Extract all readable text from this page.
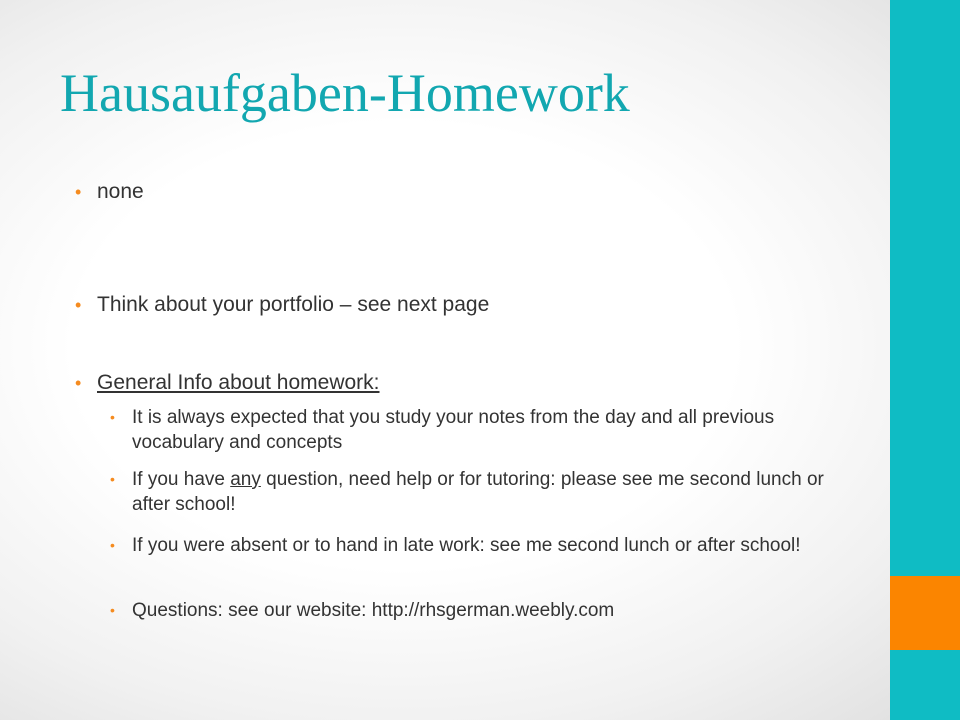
Hausaufgaben-Homework
• none
• Think about your portfolio – see next page
• General Info about homework:
• It is always expected that you study your notes from the day and all previous vocabulary and concepts
• If you have any question, need help or for tutoring: please see me second lunch or after school!
• If you were absent or to hand in late work: see me second lunch or after school!
• Questions: see our website: http://rhsgerman.weebly.com
